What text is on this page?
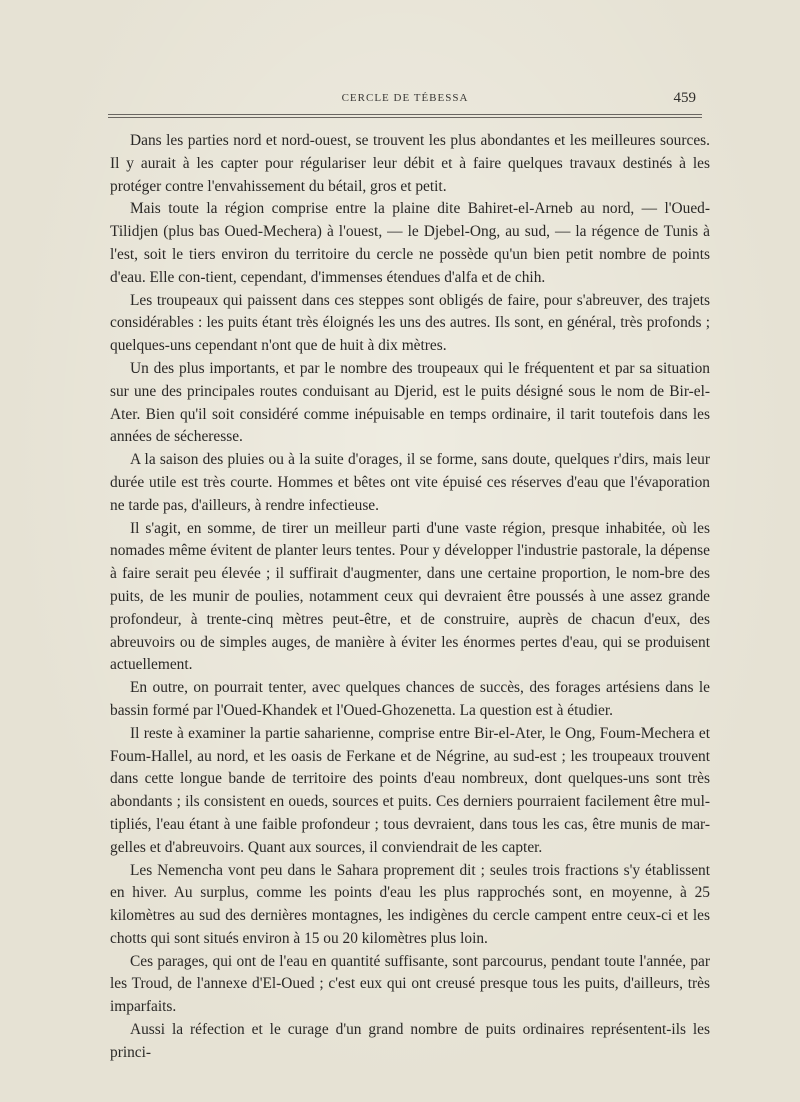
CERCLE DE TÉBESSA	459

Dans les parties nord et nord-ouest, se trouvent les plus abondantes et les meilleures sources. Il y aurait à les capter pour régulariser leur débit et à faire quelques travaux destinés à les protéger contre l'envahissement du bétail, gros et petit.

Mais toute la région comprise entre la plaine dite Bahiret-el-Arneb au nord, — l'Oued-Tilidjen (plus bas Oued-Mechera) à l'ouest, — le Djebel-Ong, au sud, — la régence de Tunis à l'est, soit le tiers environ du territoire du cercle ne possède qu'un bien petit nombre de points d'eau. Elle con-tient, cependant, d'immenses étendues d'alfa et de chih.

Les troupeaux qui paissent dans ces steppes sont obligés de faire, pour s'abreuver, des trajets considérables : les puits étant très éloignés les uns des autres. Ils sont, en général, très profonds ; quelques-uns cependant n'ont que de huit à dix mètres.

Un des plus importants, et par le nombre des troupeaux qui le fréquentent et par sa situation sur une des principales routes conduisant au Djerid, est le puits désigné sous le nom de Bir-el-Ater. Bien qu'il soit considéré comme inépuisable en temps ordinaire, il tarit toutefois dans les années de sécheresse.

A la saison des pluies ou à la suite d'orages, il se forme, sans doute, quelques r'dirs, mais leur durée utile est très courte. Hommes et bêtes ont vite épuisé ces réserves d'eau que l'évaporation ne tarde pas, d'ailleurs, à rendre infectieuse.

Il s'agit, en somme, de tirer un meilleur parti d'une vaste région, presque inhabitée, où les nomades même évitent de planter leurs tentes. Pour y développer l'industrie pastorale, la dépense à faire serait peu élevée ; il suffirait d'augmenter, dans une certaine proportion, le nom-bre des puits, de les munir de poulies, notamment ceux qui devraient être poussés à une assez grande profondeur, à trente-cinq mètres peut-être, et de construire, auprès de chacun d'eux, des abreuvoirs ou de simples auges, de manière à éviter les énormes pertes d'eau, qui se produisent actuellement.

En outre, on pourrait tenter, avec quelques chances de succès, des forages artésiens dans le bassin formé par l'Oued-Khandek et l'Oued-Ghozenetta. La question est à étudier.

Il reste à examiner la partie saharienne, comprise entre Bir-el-Ater, le Ong, Foum-Mechera et Foum-Hallel, au nord, et les oasis de Ferkane et de Négrine, au sud-est ; les troupeaux trouvent dans cette longue bande de territoire des points d'eau nombreux, dont quelques-uns sont très abondants ; ils consistent en oueds, sources et puits. Ces derniers pourraient facilement être mul-tipliés, l'eau étant à une faible profondeur ; tous devraient, dans tous les cas, être munis de mar-gelles et d'abreuvoirs. Quant aux sources, il conviendrait de les capter.

Les Nemencha vont peu dans le Sahara proprement dit ; seules trois fractions s'y établissent en hiver. Au surplus, comme les points d'eau les plus rapprochés sont, en moyenne, à 25 kilomètres au sud des dernières montagnes, les indigènes du cercle campent entre ceux-ci et les chotts qui sont situés environ à 15 ou 20 kilomètres plus loin.

Ces parages, qui ont de l'eau en quantité suffisante, sont parcourus, pendant toute l'année, par les Troud, de l'annexe d'El-Oued ; c'est eux qui ont creusé presque tous les puits, d'ailleurs, très imparfaits.

Aussi la réfection et le curage d'un grand nombre de puits ordinaires représentent-ils les princi-
